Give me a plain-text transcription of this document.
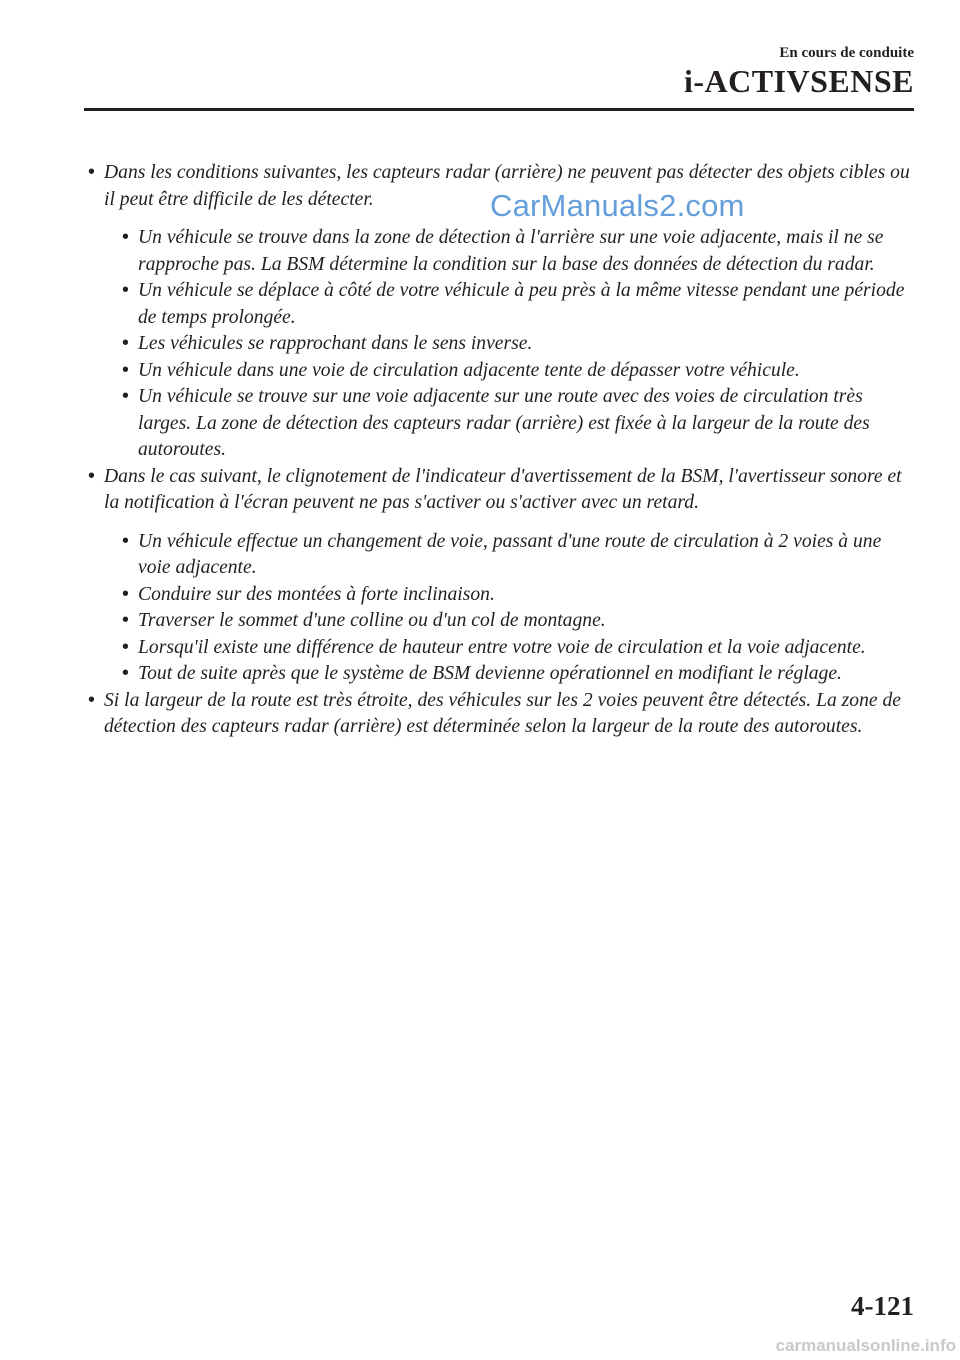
En cours de conduite
i-ACTIVSENSE
• Dans les conditions suivantes, les capteurs radar (arrière) ne peuvent pas détecter des objets cibles ou il peut être difficile de les détecter.
• Un véhicule se trouve dans la zone de détection à l'arrière sur une voie adjacente, mais il ne se rapproche pas. La BSM détermine la condition sur la base des données de détection du radar.
• Un véhicule se déplace à côté de votre véhicule à peu près à la même vitesse pendant une période de temps prolongée.
• Les véhicules se rapprochant dans le sens inverse.
• Un véhicule dans une voie de circulation adjacente tente de dépasser votre véhicule.
• Un véhicule se trouve sur une voie adjacente sur une route avec des voies de circulation très larges. La zone de détection des capteurs radar (arrière) est fixée à la largeur de la route des autoroutes.
• Dans le cas suivant, le clignotement de l'indicateur d'avertissement de la BSM, l'avertisseur sonore et la notification à l'écran peuvent ne pas s'activer ou s'activer avec un retard.
• Un véhicule effectue un changement de voie, passant d'une route de circulation à 2 voies à une voie adjacente.
• Conduire sur des montées à forte inclinaison.
• Traverser le sommet d'une colline ou d'un col de montagne.
• Lorsqu'il existe une différence de hauteur entre votre voie de circulation et la voie adjacente.
• Tout de suite après que le système de BSM devienne opérationnel en modifiant le réglage.
• Si la largeur de la route est très étroite, des véhicules sur les 2 voies peuvent être détectés. La zone de détection des capteurs radar (arrière) est déterminée selon la largeur de la route des autoroutes.
CarManuals2.com
4-121
carmanualsonline.info
